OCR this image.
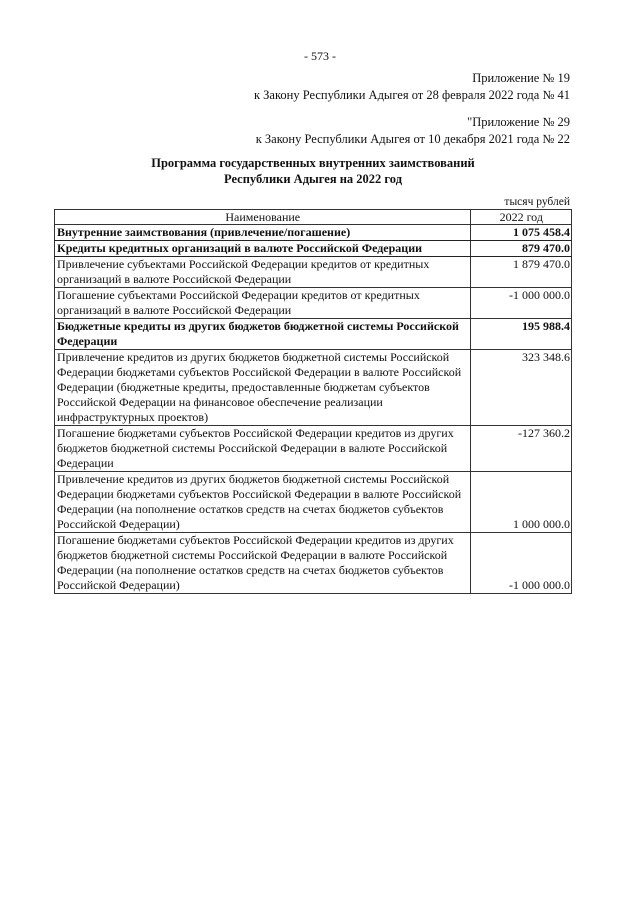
- 573 -
Приложение № 19
к Закону Республики Адыгея от 28 февраля 2022 года № 41
"Приложение № 29
к Закону Республики Адыгея от 10 декабря 2021 года № 22
Программа государственных внутренних заимствований
Республики Адыгея на 2022 год
тысяч рублей
Наименование	2022 год
Внутренние заимствования (привлечение/погашение)	1 075 458.4
Кредиты кредитных организаций в валюте Российской Федерации	879 470.0
Привлечение субъектами Российской Федерации кредитов от кредитных организаций в валюте Российской Федерации	1 879 470.0
Погашение субъектами Российской Федерации кредитов от кредитных организаций в валюте Российской Федерации	-1 000 000.0
Бюджетные кредиты из других бюджетов бюджетной системы Российской Федерации	195 988.4
Привлечение кредитов из других бюджетов бюджетной системы Российской Федерации бюджетами субъектов Российской Федерации в валюте Российской Федерации (бюджетные кредиты, предоставленные бюджетам субъектов Российской Федерации на финансовое обеспечение реализации инфраструктурных проектов)	323 348.6
Погашение бюджетами субъектов Российской Федерации кредитов из других бюджетов бюджетной системы Российской Федерации в валюте Российской Федерации	-127 360.2
Привлечение кредитов из других бюджетов бюджетной системы Российской Федерации бюджетами субъектов Российской Федерации в валюте Российской Федерации (на пополнение остатков средств на счетах бюджетов субъектов Российской Федерации)	1 000 000.0
Погашение бюджетами субъектов Российской Федерации кредитов из других бюджетов бюджетной системы Российской Федерации в валюте Российской Федерации (на пополнение остатков средств на счетах бюджетов субъектов Российской Федерации)	-1 000 000.0
